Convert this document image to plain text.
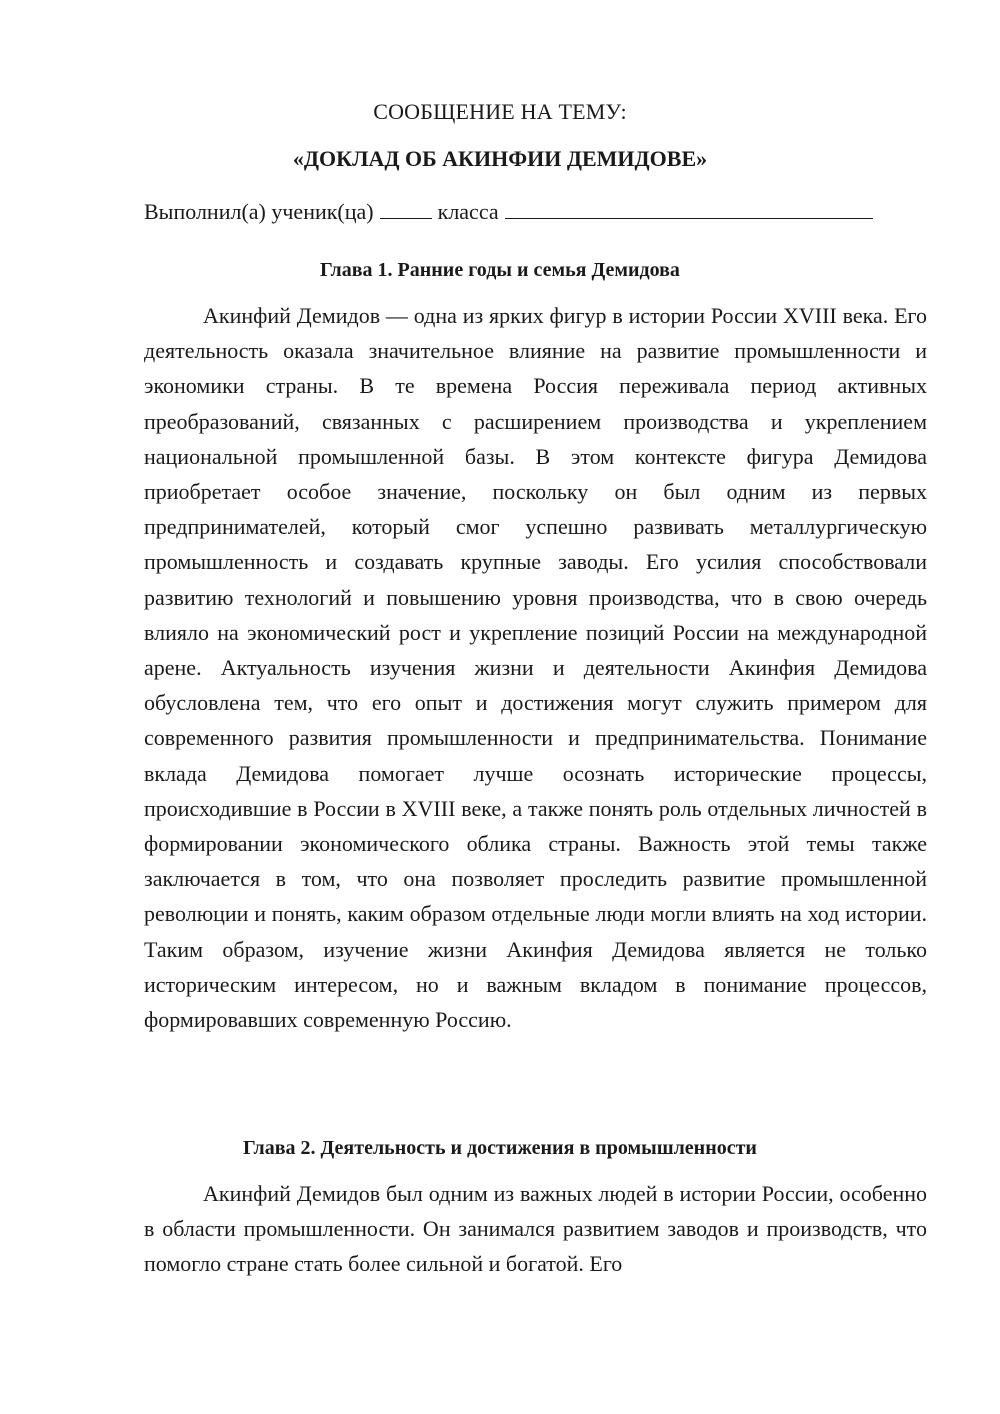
СООБЩЕНИЕ НА ТЕМУ:

«ДОКЛАД ОБ АКИНФИИ ДЕМИДОВЕ»

Выполнил(а) ученик(ца)	класса
Глава 1. Ранние годы и семья Демидова

Акинфий Демидов — одна из ярких фигур в истории России XVIII века. Его деятельность оказала значительное влияние на развитие промышленности и экономики страны. В те времена Россия переживала период активных преобразований, связанных с расширением производства и укреплением национальной промышленной базы. В этом контексте фигура Демидова приобретает особое значение, поскольку он был одним из первых предпринимателей, который смог успешно развивать металлургическую промышленность и создавать крупные заводы. Его усилия способствовали развитию технологий и повышению уровня производства, что в свою очередь влияло на экономический рост и укрепление позиций России на международной арене. Актуальность изучения жизни и деятельности Акинфия Демидова обусловлена тем, что его опыт и достижения могут служить примером для современного развития промышленности и предпринимательства. Понимание вклада Демидова помогает лучше осознать исторические процессы, происходившие в России в XVIII веке, а также понять роль отдельных личностей в формировании экономического облика страны. Важность этой темы также заключается в том, что она позволяет проследить развитие промышленной революции и понять, каким образом отдельные люди могли влиять на ход истории. Таким образом, изучение жизни Акинфия Демидова является не только историческим интересом, но и важным вкладом в понимание процессов, формировавших современную Россию.

Глава 2. Деятельность и достижения в промышленности

Акинфий Демидов был одним из важных людей в истории России, особенно в области промышленности. Он занимался развитием заводов и производств, что помогло стране стать более сильной и богатой. Его
